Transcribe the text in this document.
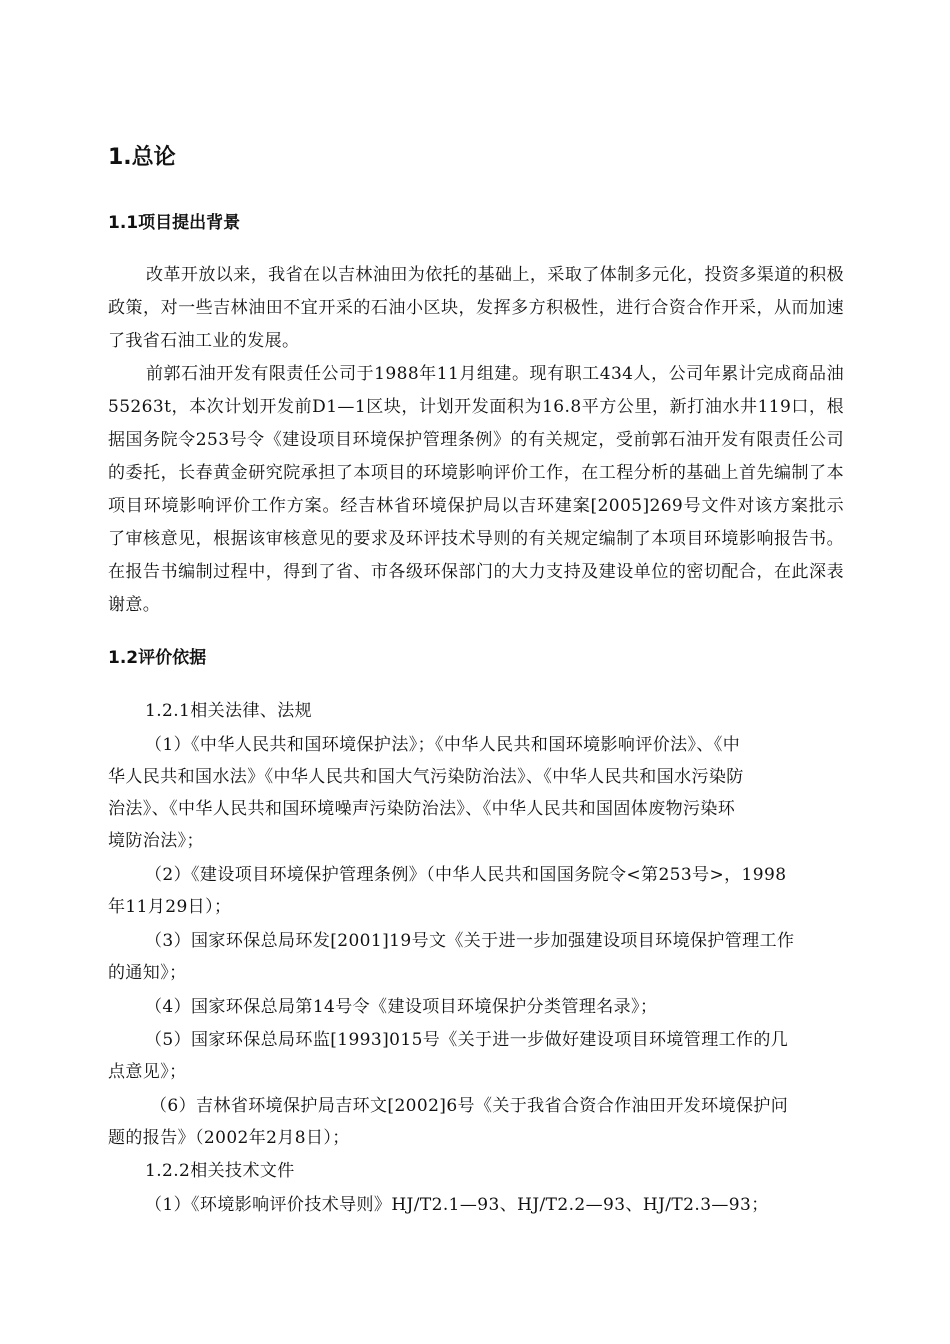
1.总论
1.1项目提出背景
改革开放以来，我省在以吉林油田为依托的基础上，采取了体制多元化，投资多渠道的积极政策，对一些吉林油田不宜开采的石油小区块，发挥多方积极性，进行合资合作开采，从而加速了我省石油工业的发展。
前郭石油开发有限责任公司于1988年11月组建。现有职工434人，公司年累计完成商品油55263t，本次计划开发前D1—1区块，计划开发面积为16.8平方公里，新打油水井119口，根据国务院令253号令《建设项目环境保护管理条例》的有关规定，受前郭石油开发有限责任公司的委托，长春黄金研究院承担了本项目的环境影响评价工作，在工程分析的基础上首先编制了本项目环境影响评价工作方案。经吉林省环境保护局以吉环建案[2005]269号文件对该方案批示了审核意见，根据该审核意见的要求及环评技术导则的有关规定编制了本项目环境影响报告书。在报告书编制过程中，得到了省、市各级环保部门的大力支持及建设单位的密切配合，在此深表谢意。
1.2评价依据
1.2.1相关法律、法规
（1）《中华人民共和国环境保护法》；《中华人民共和国环境影响评价法》、《中
华人民共和国水法》《中华人民共和国大气污染防治法》、《中华人民共和国水污染防
治法》、《中华人民共和国环境噪声污染防治法》、《中华人民共和国固体废物污染环
境防治法》；
（2）《建设项目环境保护管理条例》（中华人民共和国国务院令<第253号>，1998
年11月29日）；
（3）国家环保总局环发[2001]19号文《关于进一步加强建设项目环境保护管理工作
的通知》；
（4）国家环保总局第14号令《建设项目环境保护分类管理名录》；
（5）国家环保总局环监[1993]015号《关于进一步做好建设项目环境管理工作的几
点意见》；
（6）吉林省环境保护局吉环文[2002]6号《关于我省合资合作油田开发环境保护问
题的报告》（2002年2月8日）；
1.2.2相关技术文件
（1）《环境影响评价技术导则》HJ/T2.1—93、HJ/T2.2—93、HJ/T2.3—93；
